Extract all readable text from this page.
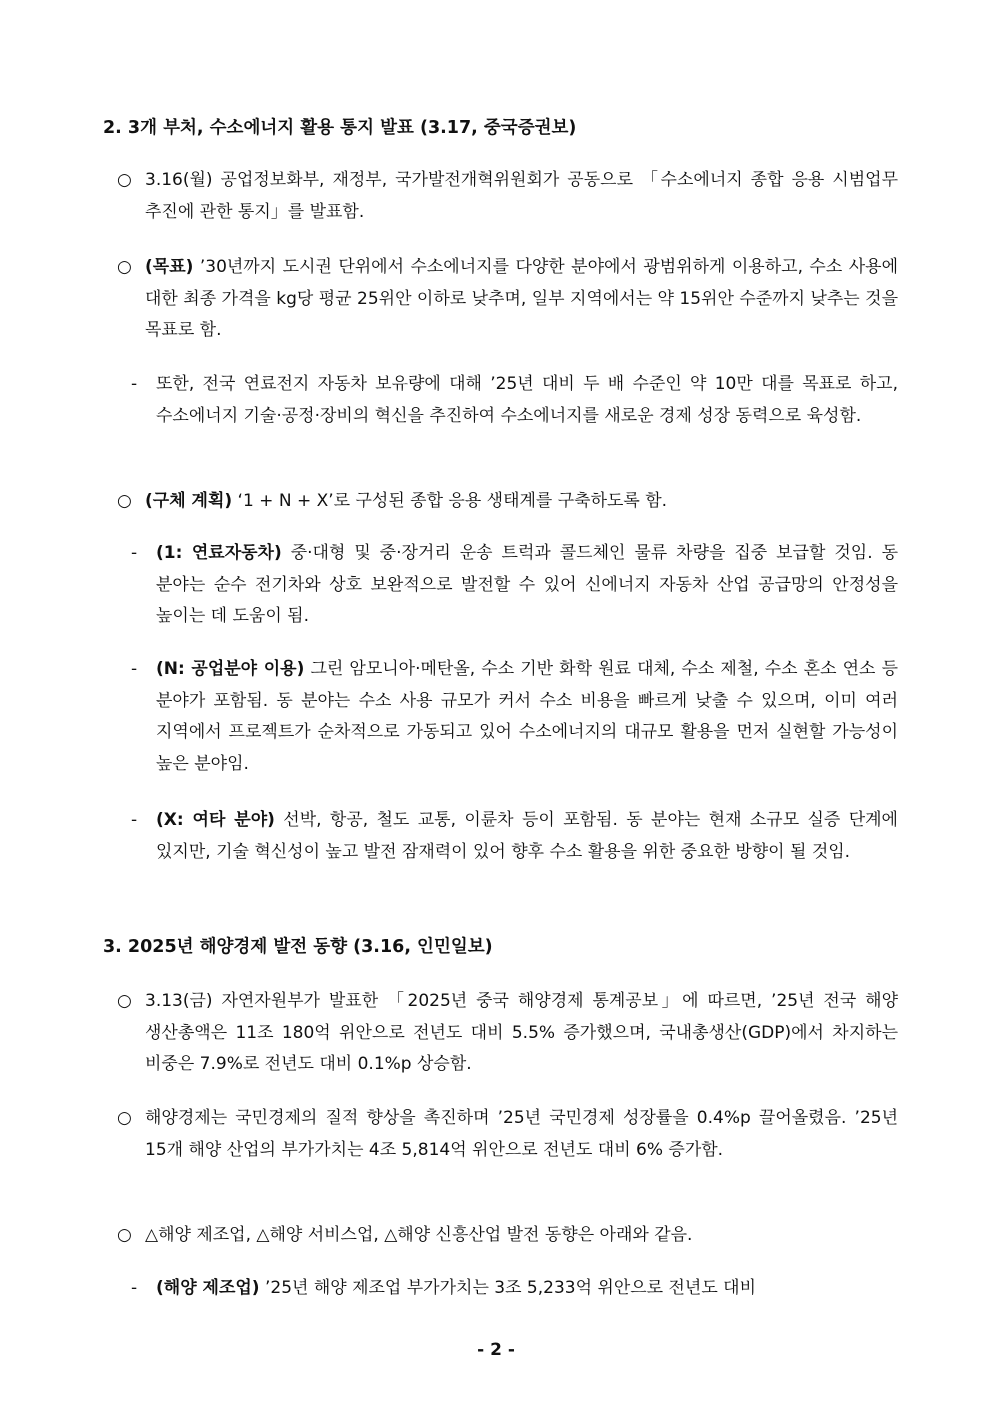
2. 3개 부처, 수소에너지 활용 통지 발표 (3.17, 중국증권보)
○ 3.16(월) 공업정보화부, 재정부, 국가발전개혁위원회가 공동으로 「수소에너지 종합 응용 시범업무 추진에 관한 통지」를 발표함.
○ (목표) ’30년까지 도시권 단위에서 수소에너지를 다양한 분야에서 광범위하게 이용하고, 수소 사용에 대한 최종 가격을 kg당 평균 25위안 이하로 낮추며, 일부 지역에서는 약 15위안 수준까지 낮추는 것을 목표로 함.
- 또한, 전국 연료전지 자동차 보유량에 대해 ’25년 대비 두 배 수준인 약 10만 대를 목표로 하고, 수소에너지 기술·공정·장비의 혁신을 추진하여 수소에너지를 새로운 경제 성장 동력으로 육성함.
○ (구체 계획) ‘1 + N + X’로 구성된 종합 응용 생태계를 구축하도록 함.
- (1: 연료자동차) 중·대형 및 중·장거리 운송 트럭과 콜드체인 물류 차량을 집중 보급할 것임. 동 분야는 순수 전기차와 상호 보완적으로 발전할 수 있어 신에너지 자동차 산업 공급망의 안정성을 높이는 데 도움이 됨.
- (N: 공업분야 이용) 그린 암모니아·메탄올, 수소 기반 화학 원료 대체, 수소 제철, 수소 혼소 연소 등 분야가 포함됨. 동 분야는 수소 사용 규모가 커서 수소 비용을 빠르게 낮출 수 있으며, 이미 여러 지역에서 프로젝트가 순차적으로 가동되고 있어 수소에너지의 대규모 활용을 먼저 실현할 가능성이 높은 분야임.
- (X: 여타 분야) 선박, 항공, 철도 교통, 이륜차 등이 포함됨. 동 분야는 현재 소규모 실증 단계에 있지만, 기술 혁신성이 높고 발전 잠재력이 있어 향후 수소 활용을 위한 중요한 방향이 될 것임.
3. 2025년 해양경제 발전 동향 (3.16, 인민일보)
○ 3.13(금) 자연자원부가 발표한 「2025년 중국 해양경제 통계공보」에 따르면, ’25년 전국 해양 생산총액은 11조 180억 위안으로 전년도 대비 5.5% 증가했으며, 국내총생산(GDP)에서 차지하는 비중은 7.9%로 전년도 대비 0.1%p 상승함.
○ 해양경제는 국민경제의 질적 향상을 촉진하며 ’25년 국민경제 성장률을 0.4%p 끌어올렸음. ’25년 15개 해양 산업의 부가가치는 4조 5,814억 위안으로 전년도 대비 6% 증가함.
○ △해양 제조업, △해양 서비스업, △해양 신흥산업 발전 동향은 아래와 같음.
- (해양 제조업) ’25년 해양 제조업 부가가치는 3조 5,233억 위안으로 전년도 대비
- 2 -
